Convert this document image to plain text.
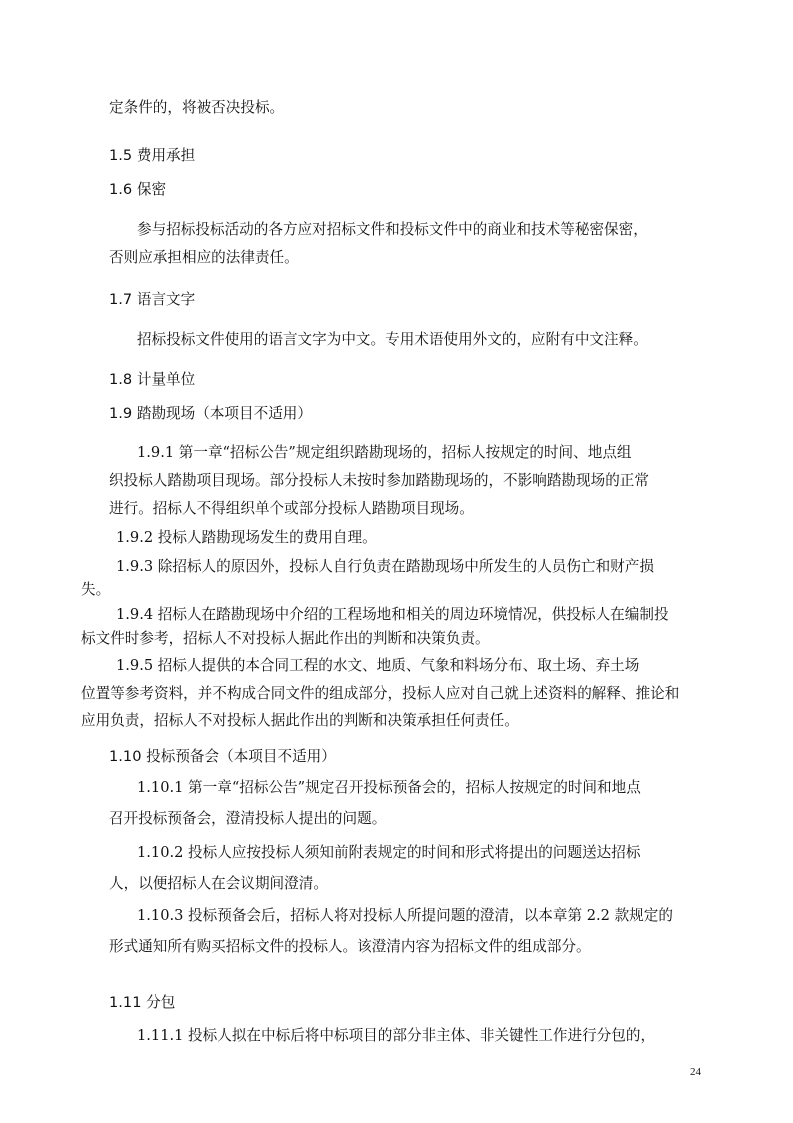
定条件的，将被否决投标。
1.5 费用承担
1.6 保密
参与招标投标活动的各方应对招标文件和投标文件中的商业和技术等秘密保密，
否则应承担相应的法律责任。
1.7 语言文字
招标投标文件使用的语言文字为中文。专用术语使用外文的，应附有中文注释。
1.8 计量单位
1.9 踏勘现场（本项目不适用）
1.9.1 第一章“招标公告”规定组织踏勘现场的，招标人按规定的时间、地点组
织投标人踏勘项目现场。部分投标人未按时参加踏勘现场的，不影响踏勘现场的正常
进行。招标人不得组织单个或部分投标人踏勘项目现场。
1.9.2 投标人踏勘现场发生的费用自理。
1.9.3 除招标人的原因外，投标人自行负责在踏勘现场中所发生的人员伤亡和财产损
失。
1.9.4 招标人在踏勘现场中介绍的工程场地和相关的周边环境情况，供投标人在编制投
标文件时参考，招标人不对投标人据此作出的判断和决策负责。
1.9.5 招标人提供的本合同工程的水文、地质、气象和料场分布、取土场、弃土场
位置等参考资料，并不构成合同文件的组成部分，投标人应对自己就上述资料的解释、推论和
应用负责，招标人不对投标人据此作出的判断和决策承担任何责任。
1.10 投标预备会（本项目不适用）
1.10.1 第一章“招标公告”规定召开投标预备会的，招标人按规定的时间和地点
召开投标预备会，澄清投标人提出的问题。
1.10.2 投标人应按投标人须知前附表规定的时间和形式将提出的问题送达招标
人，以便招标人在会议期间澄清。
1.10.3 投标预备会后，招标人将对投标人所提问题的澄清，以本章第 2.2 款规定的
形式通知所有购买招标文件的投标人。该澄清内容为招标文件的组成部分。
1.11 分包
1.11.1 投标人拟在中标后将中标项目的部分非主体、非关键性工作进行分包的，
24
